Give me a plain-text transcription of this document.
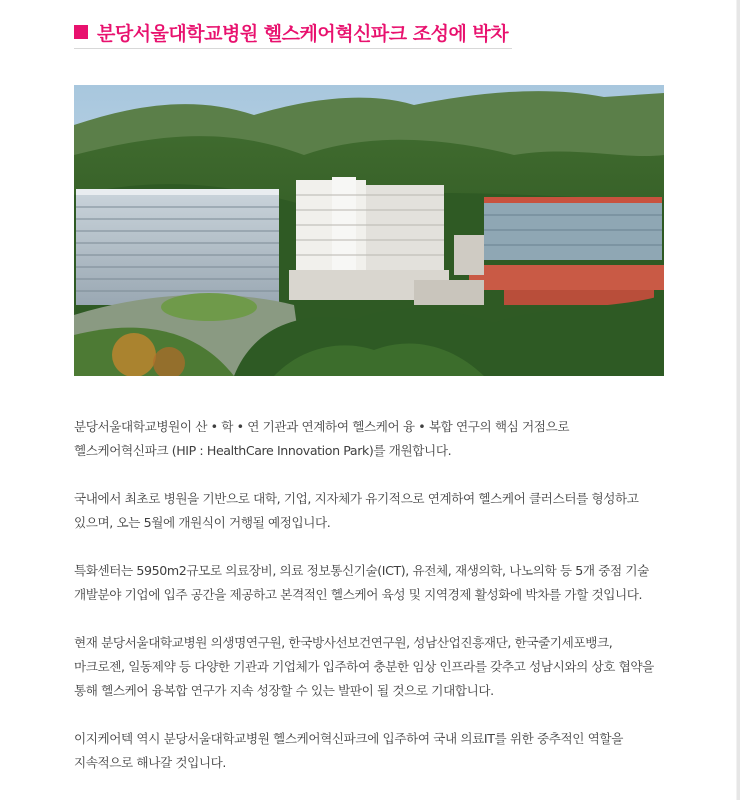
분당서울대학교병원 헬스케어혁신파크 조성에 박차

분당서울대학교병원이 산 • 학 • 연 기관과 연계하여 헬스케어 융 • 복합 연구의 핵심 거점으로 헬스케어혁신파크 (HIP : HealthCare Innovation Park)를 개원합니다.

국내에서 최초로 병원을 기반으로 대학, 기업, 지자체가 유기적으로 연계하여 헬스케어 클러스터를 형성하고 있으며, 오는 5월에 개원식이 거행될 예정입니다.

특화센터는 5950m2규모로 의료장비, 의료 정보통신기술(ICT), 유전체, 재생의학, 나노의학 등 5개 중점 기술 개발분야 기업에 입주 공간을 제공하고 본격적인 헬스케어 육성 및 지역경제 활성화에 박차를 가할 것입니다.

현재 분당서울대학교병원 의생명연구원, 한국방사선보건연구원, 성남산업진흥재단, 한국줄기세포뱅크, 마크로젠, 일동제약 등 다양한 기관과 기업체가 입주하여 충분한 임상 인프라를 갖추고 성남시와의 상호 협약을 통해 헬스케어 융복합 연구가 지속 성장할 수 있는 발판이 될 것으로 기대합니다.

이지케어텍 역시 분당서울대학교병원 헬스케어혁신파크에 입주하여 국내 의료IT를 위한 중추적인 역할을 지속적으로 해나갈 것입니다.
